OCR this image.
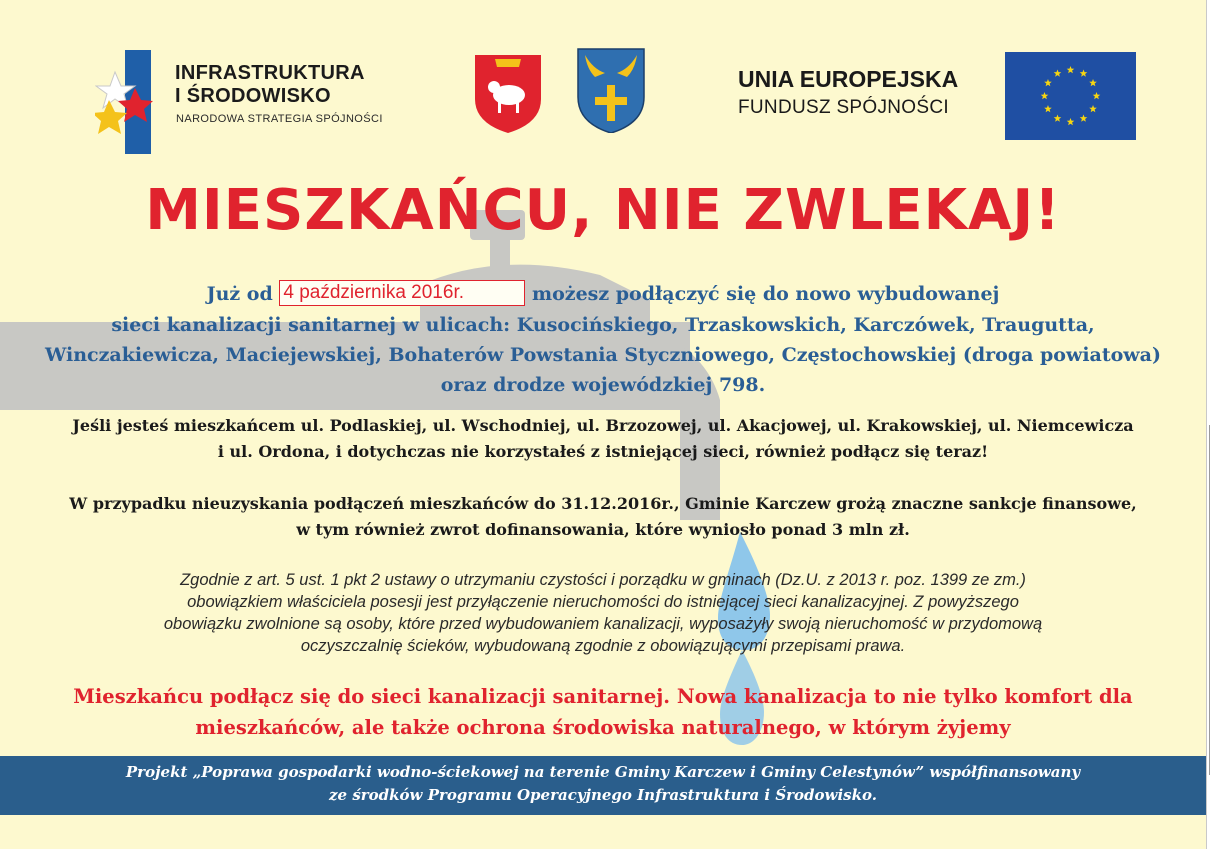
INFRASTRUKTURA
I ŚRODOWISKO
NARODOWA STRATEGIA SPÓJNOŚCI
UNIA EUROPEJSKA
FUNDUSZ SPÓJNOŚCI
MIESZKAŃCU, NIE ZWLEKAJ!
Już od 4 października 2016r.	możesz podłączyć się do nowo wybudowanej
sieci kanalizacji sanitarnej w ulicach: Kusocińskiego, Trzaskowskich, Karczówek, Traugutta,
Winczakiewicza, Maciejewskiej, Bohaterów Powstania Styczniowego, Częstochowskiej (droga powiatowa)
oraz drodze wojewódzkiej 798.
Jeśli jesteś mieszkańcem ul. Podlaskiej, ul. Wschodniej, ul. Brzozowej, ul. Akacjowej, ul. Krakowskiej, ul. Niemcewicza
i ul. Ordona, i dotychczas nie korzystałeś z istniejącej sieci, również podłącz się teraz!
W przypadku nieuzyskania podłączeń mieszkańców do 31.12.2016r., Gminie Karczew grożą znaczne sankcje finansowe,
w tym również zwrot dofinansowania, które wyniosło ponad 3 mln zł.
Zgodnie z art. 5 ust. 1 pkt 2 ustawy o utrzymaniu czystości i porządku w gminach (Dz.U. z 2013 r. poz. 1399 ze zm.)
obowiązkiem właściciela posesji jest przyłączenie nieruchomości do istniejącej sieci kanalizacyjnej. Z powyższego
obowiązku zwolnione są osoby, które przed wybudowaniem kanalizacji, wyposażyły swoją nieruchomość w przydomową
oczyszczalnię ścieków, wybudowaną zgodnie z obowiązującymi przepisami prawa.
Mieszkańcu podłącz się do sieci kanalizacji sanitarnej. Nowa kanalizacja to nie tylko komfort dla
mieszkańców, ale także ochrona środowiska naturalnego, w którym żyjemy
Projekt „Poprawa gospodarki wodno-ściekowej na terenie Gminy Karczew i Gminy Celestynów” współfinansowany
ze środków Programu Operacyjnego Infrastruktura i Środowisko.
